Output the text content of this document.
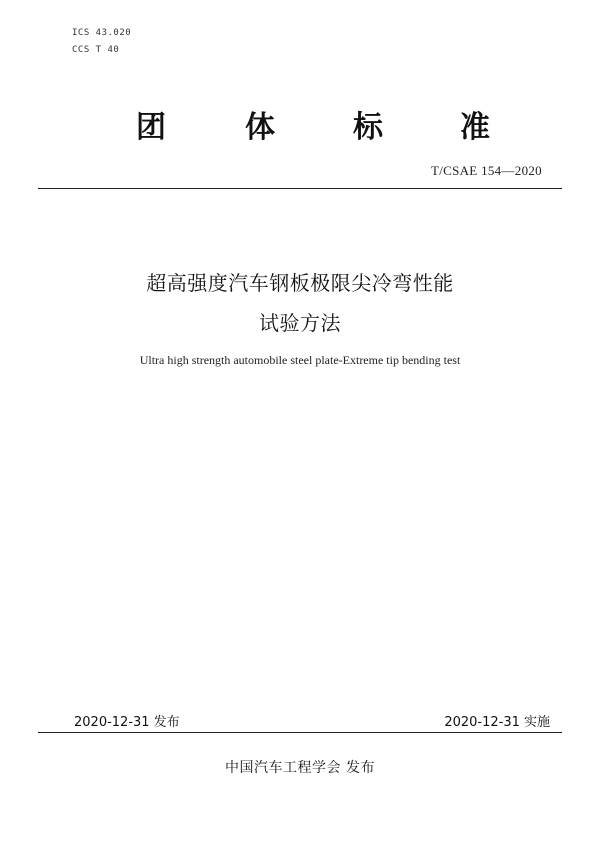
ICS 43.020
CCS T 40
团	体	标	准
T/CSAE 154—2020
超高强度汽车钢板极限尖冷弯性能
试验方法
Ultra high strength automobile steel plate-Extreme tip bending test
2020-12-31 发布	2020-12-31 实施
中国汽车工程学会 发布
